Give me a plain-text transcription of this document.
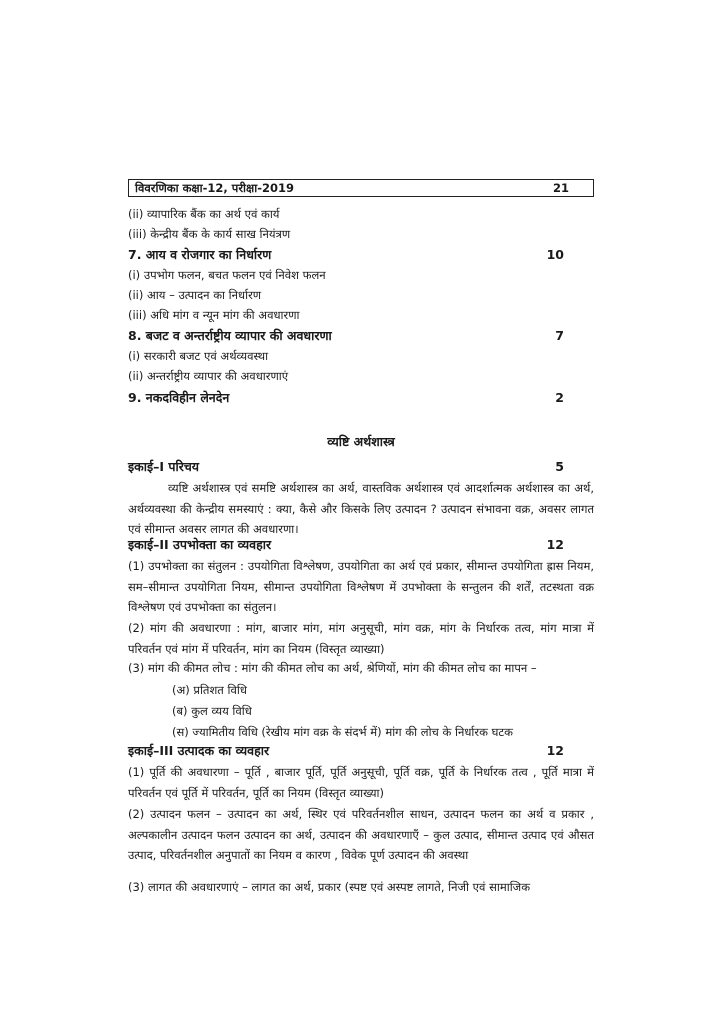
विवरणिका कक्षा-12, परीक्षा-2019	21
(ii) व्यापारिक बैंक का अर्थ एवं कार्य
(iii) केन्द्रीय बैंक के कार्य साख नियंत्रण
7. आय व रोजगार का निर्धारण	10
(i) उपभोग फलन, बचत फलन एवं निवेश फलन
(ii) आय – उत्पादन का निर्धारण
(iii) अधि मांग व न्यून मांग की अवधारणा
8. बजट व अन्तर्राष्ट्रीय व्यापार की अवधारणा	7
(i) सरकारी बजट एवं अर्थव्यवस्था
(ii) अन्तर्राष्ट्रीय व्यापार की अवधारणाएं
9. नकदविहीन लेनदेन	2
व्यष्टि अर्थशास्त्र
इकाई–I परिचय	5
व्यष्टि अर्थशास्त्र एवं समष्टि अर्थशास्त्र का अर्थ, वास्तविक अर्थशास्त्र एवं आदर्शात्मक अर्थशास्त्र का अर्थ, अर्थव्यवस्था की केन्द्रीय समस्याएं : क्या, कैसे और किसके लिए उत्पादन ? उत्पादन संभावना वक्र, अवसर लागत एवं सीमान्त अवसर लागत की अवधारणा।
इकाई–II उपभोक्ता का व्यवहार	12
(1) उपभोक्ता का संतुलन : उपयोगिता विश्लेषण, उपयोगिता का अर्थ एवं प्रकार, सीमान्त उपयोगिता ह्रास नियम, सम–सीमान्त उपयोगिता नियम, सीमान्त उपयोगिता विश्लेषण में उपभोक्ता के सन्तुलन की शर्तें, तटस्थता वक्र विश्लेषण एवं उपभोक्ता का संतुलन।
(2) मांग की अवधारणा : मांग, बाजार मांग, मांग अनुसूची, मांग वक्र, मांग के निर्धारक तत्व, मांग मात्रा में परिवर्तन एवं मांग में परिवर्तन, मांग का नियम (विस्तृत व्याख्या)
(3) मांग की कीमत लोच : मांग की कीमत लोच का अर्थ, श्रेणियों, मांग की कीमत लोच का मापन –
(अ) प्रतिशत विधि
(ब) कुल व्यय विधि
(स) ज्यामितीय विधि (रेखीय मांग वक्र के संदर्भ में) मांग की लोच के निर्धारक घटक
इकाई–III उत्पादक का व्यवहार	12
(1) पूर्ति की अवधारणा – पूर्ति , बाजार पूर्ति, पूर्ति अनुसूची, पूर्ति वक्र, पूर्ति के निर्धारक तत्व , पूर्ति मात्रा में परिवर्तन एवं पूर्ति में परिवर्तन, पूर्ति का नियम (विस्तृत व्याख्या)
(2) उत्पादन फलन – उत्पादन का अर्थ, स्थिर एवं परिवर्तनशील साधन, उत्पादन फलन का अर्थ व प्रकार , अल्पकालीन उत्पादन फलन उत्पादन का अर्थ, उत्पादन की अवधारणाएँ – कुल उत्पाद, सीमान्त उत्पाद एवं औसत उत्पाद, परिवर्तनशील अनुपातों का नियम व कारण , विवेक पूर्ण उत्पादन की अवस्था
(3) लागत की अवधारणाएं – लागत का अर्थ, प्रकार (स्पष्ट एवं अस्पष्ट लागते, निजी एवं सामाजिक
